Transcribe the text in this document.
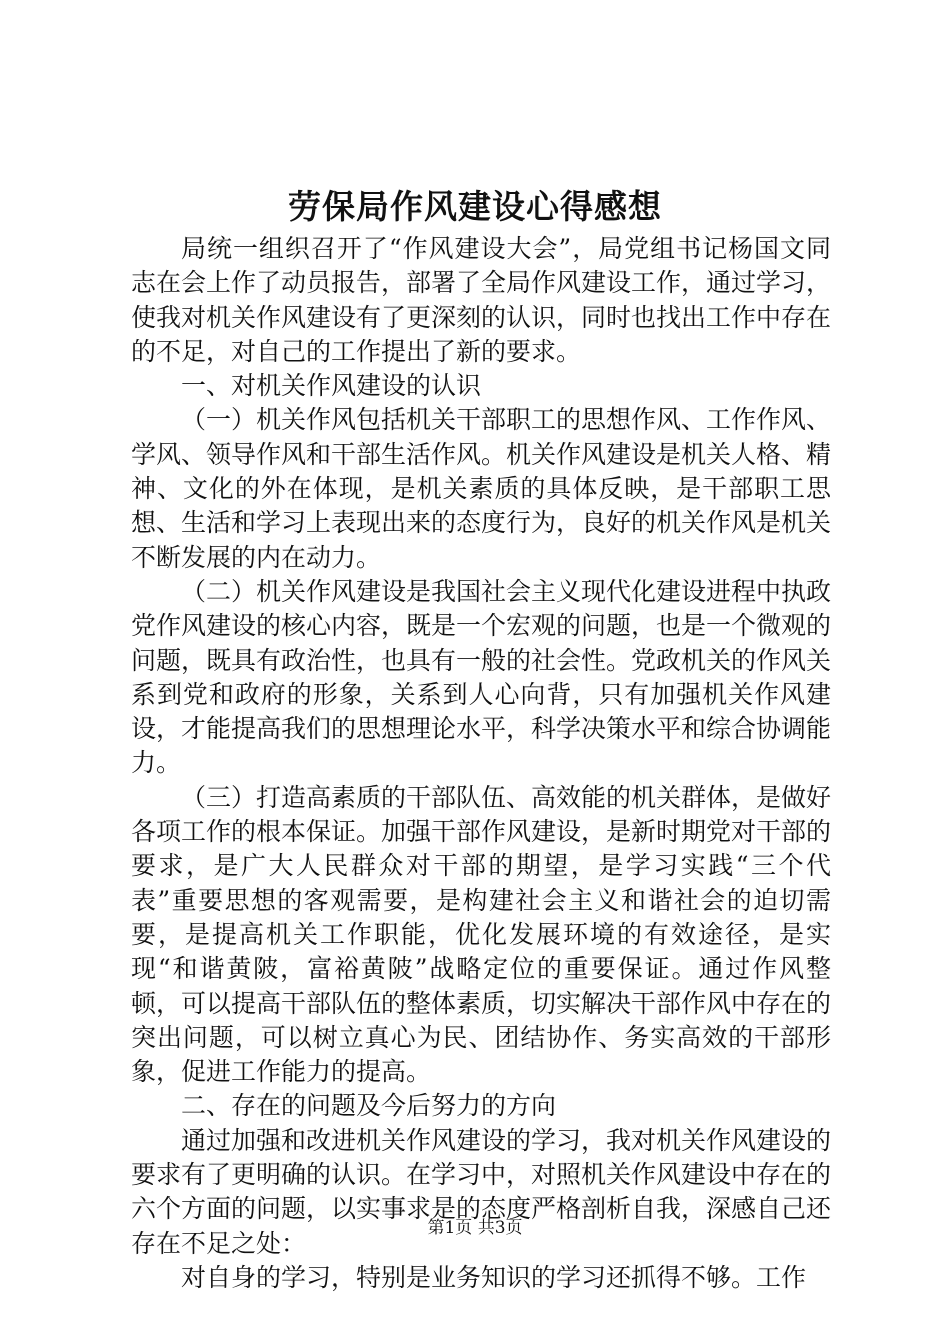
劳保局作风建设心得感想

局统一组织召开了“作风建设大会”，局党组书记杨国文同志在会上作了动员报告，部署了全局作风建设工作，通过学习，使我对机关作风建设有了更深刻的认识，同时也找出工作中存在的不足，对自己的工作提出了新的要求。

一、对机关作风建设的认识

（一）机关作风包括机关干部职工的思想作风、工作作风、学风、领导作风和干部生活作风。机关作风建设是机关人格、精神、文化的外在体现，是机关素质的具体反映，是干部职工思想、生活和学习上表现出来的态度行为，良好的机关作风是机关不断发展的内在动力。

（二）机关作风建设是我国社会主义现代化建设进程中执政党作风建设的核心内容，既是一个宏观的问题，也是一个微观的问题，既具有政治性，也具有一般的社会性。党政机关的作风关系到党和政府的形象，关系到人心向背，只有加强机关作风建设，才能提高我们的思想理论水平，科学决策水平和综合协调能力。

（三）打造高素质的干部队伍、高效能的机关群体，是做好各项工作的根本保证。加强干部作风建设，是新时期党对干部的要求，是广大人民群众对干部的期望，是学习实践“三个代表”重要思想的客观需要，是构建社会主义和谐社会的迫切需要，是提高机关工作职能，优化发展环境的有效途径，是实现“和谐黄陂，富裕黄陂”战略定位的重要保证。通过作风整顿，可以提高干部队伍的整体素质，切实解决干部作风中存在的突出问题，可以树立真心为民、团结协作、务实高效的干部形象，促进工作能力的提高。

二、存在的问题及今后努力的方向

通过加强和改进机关作风建设的学习，我对机关作风建设的要求有了更明确的认识。在学习中，对照机关作风建设中存在的六个方面的问题，以实事求是的态度严格剖析自我，深感自己还存在不足之处：

对自身的学习，特别是业务知识的学习还抓得不够。工作

第1页 共3页
